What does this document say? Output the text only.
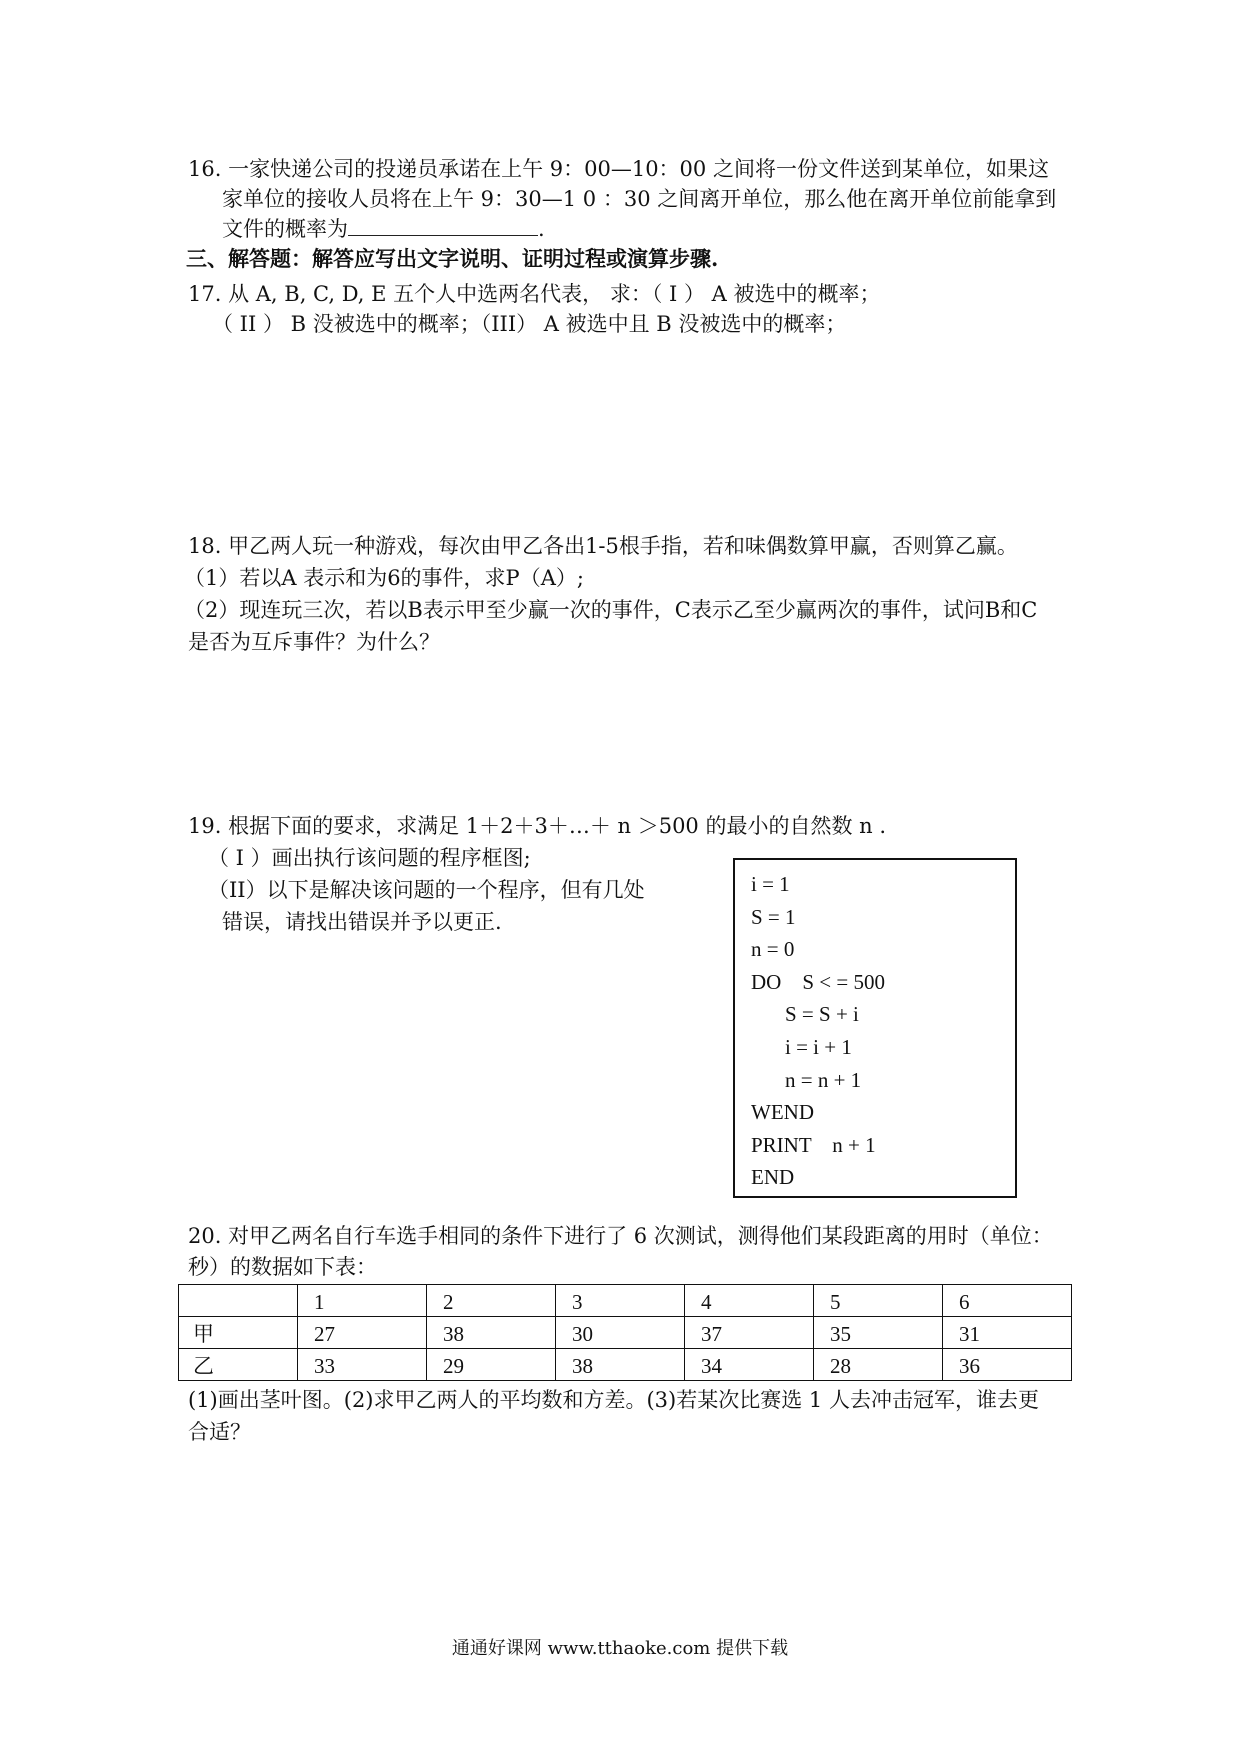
16. 一家快递公司的投递员承诺在上午 9：00—10：00 之间将一份文件送到某单位，如果这
家单位的接收人员将在上午 9：30—1 0 ：30 之间离开单位，那么他在离开单位前能拿到
文件的概率为	.
三、解答题：解答应写出文字说明、证明过程或演算步骤.
17. 从 A, B, C, D, E 五个人中选两名代表， 求：（ I ） A 被选中的概率；
（ II ） B 没被选中的概率；（III） A 被选中且 B 没被选中的概率；
18. 甲乙两人玩一种游戏，每次由甲乙各出1-5根手指，若和味偶数算甲赢，否则算乙赢。
（1）若以A 表示和为6的事件，求P（A）;
（2）现连玩三次，若以B表示甲至少赢一次的事件，C表示乙至少赢两次的事件，试问B和C
是否为互斥事件？为什么？
19. 根据下面的要求，求满足 1＋2＋3＋…＋ n ＞500 的最小的自然数 n .
（ I ）画出执行该问题的程序框图;
（II）以下是解决该问题的一个程序，但有几处
错误，请找出错误并予以更正.
i = 1
S = 1
n = 0
DO    S < = 500
S = S + i
i = i + 1
n = n + 1
WEND
PRINT    n + 1
END
20. 对甲乙两名自行车选手相同的条件下进行了 6 次测试，测得他们某段距离的用时（单位：
秒）的数据如下表：
	1	2	3	4	5	6
甲	27	38	30	37	35	31
乙	33	29	38	34	28	36
(1)画出茎叶图。(2)求甲乙两人的平均数和方差。(3)若某次比赛选 1 人去冲击冠军，谁去更
合适？
通通好课网 www.tthaoke.com 提供下载
